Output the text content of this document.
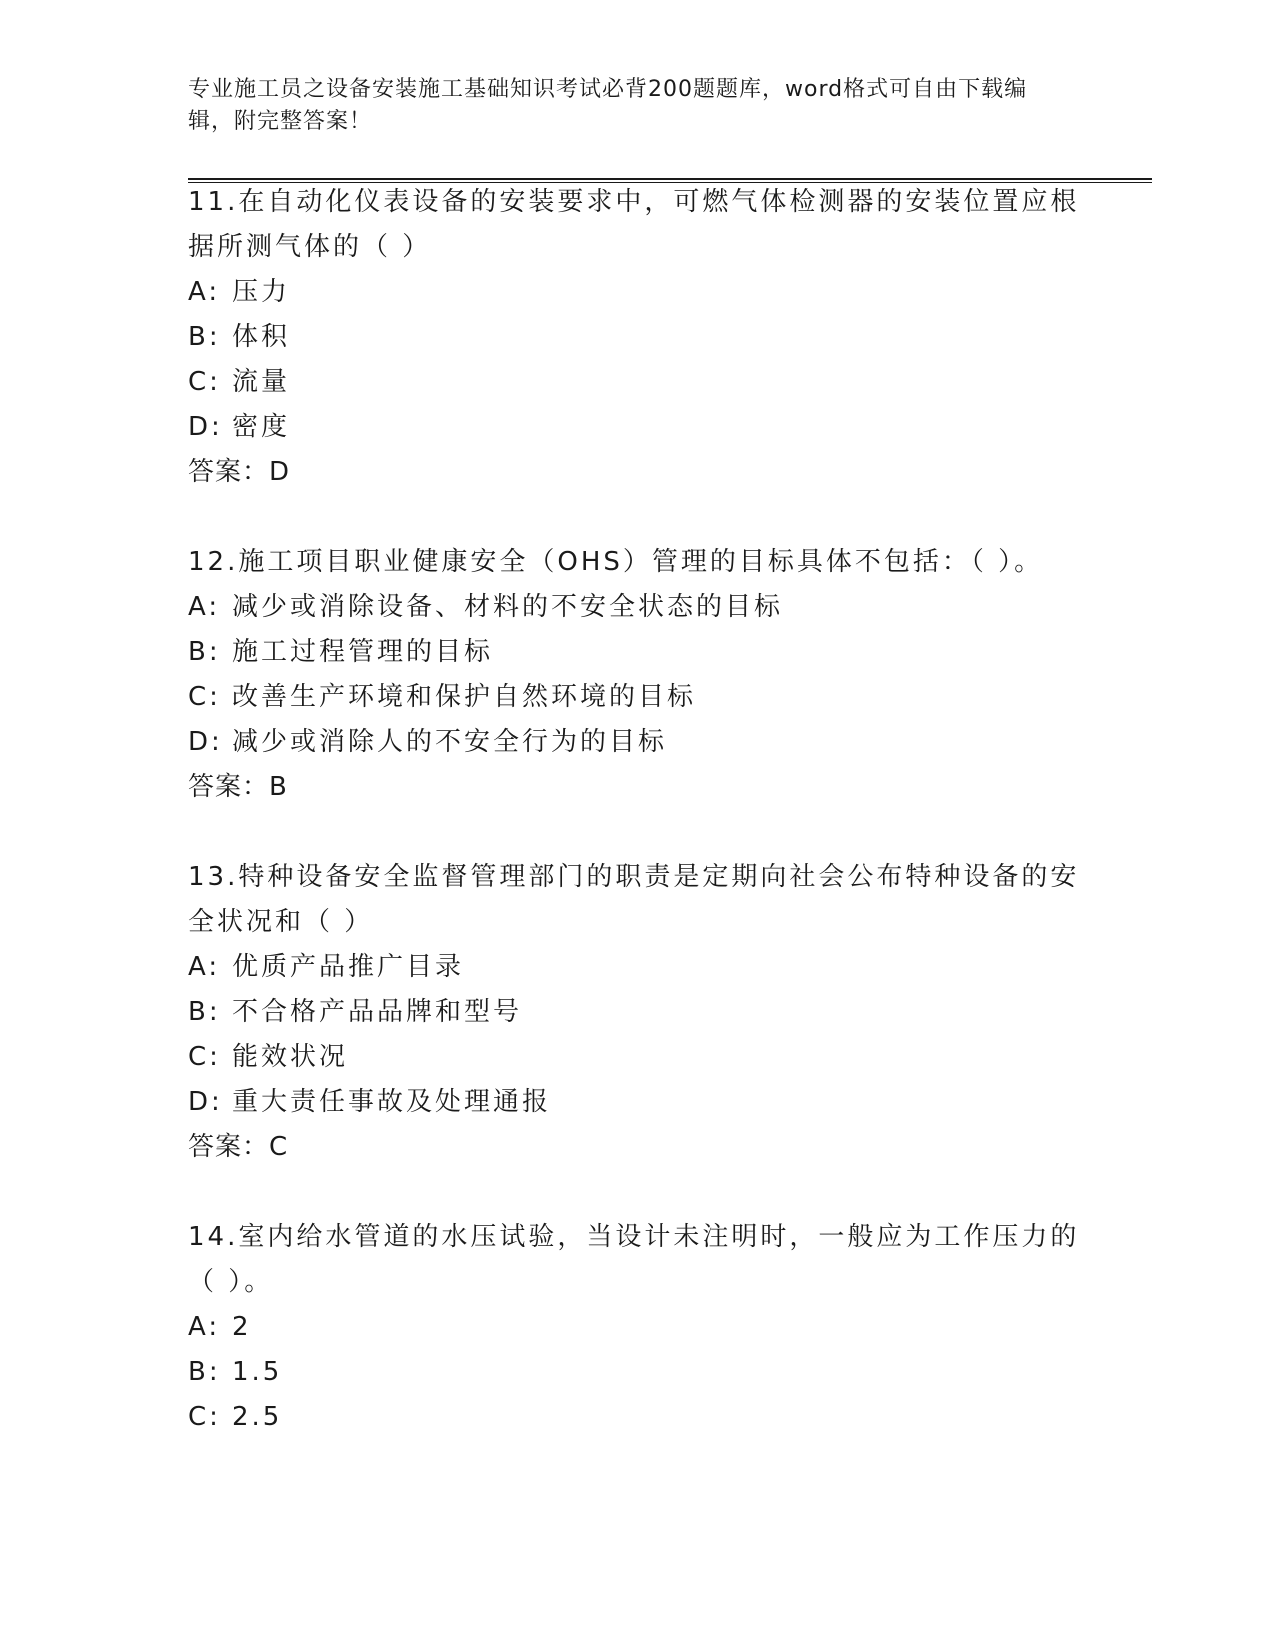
专业施工员之设备安装施工基础知识考试必背200题题库，word格式可自由下载编辑，附完整答案！

11.在自动化仪表设备的安装要求中，可燃气体检测器的安装位置应根据所测气体的（ ）

A: 压力

B: 体积

C: 流量

D: 密度

答案：D

12.施工项目职业健康安全（OHS）管理的目标具体不包括：（ ）。

A: 减少或消除设备、材料的不安全状态的目标

B: 施工过程管理的目标

C: 改善生产环境和保护自然环境的目标

D: 减少或消除人的不安全行为的目标

答案：B

13.特种设备安全监督管理部门的职责是定期向社会公布特种设备的安全状况和（ ）

A: 优质产品推广目录

B: 不合格产品品牌和型号

C: 能效状况

D: 重大责任事故及处理通报

答案：C

14.室内给水管道的水压试验，当设计未注明时，一般应为工作压力的（ ）。

A: 2

B: 1.5

C: 2.5
